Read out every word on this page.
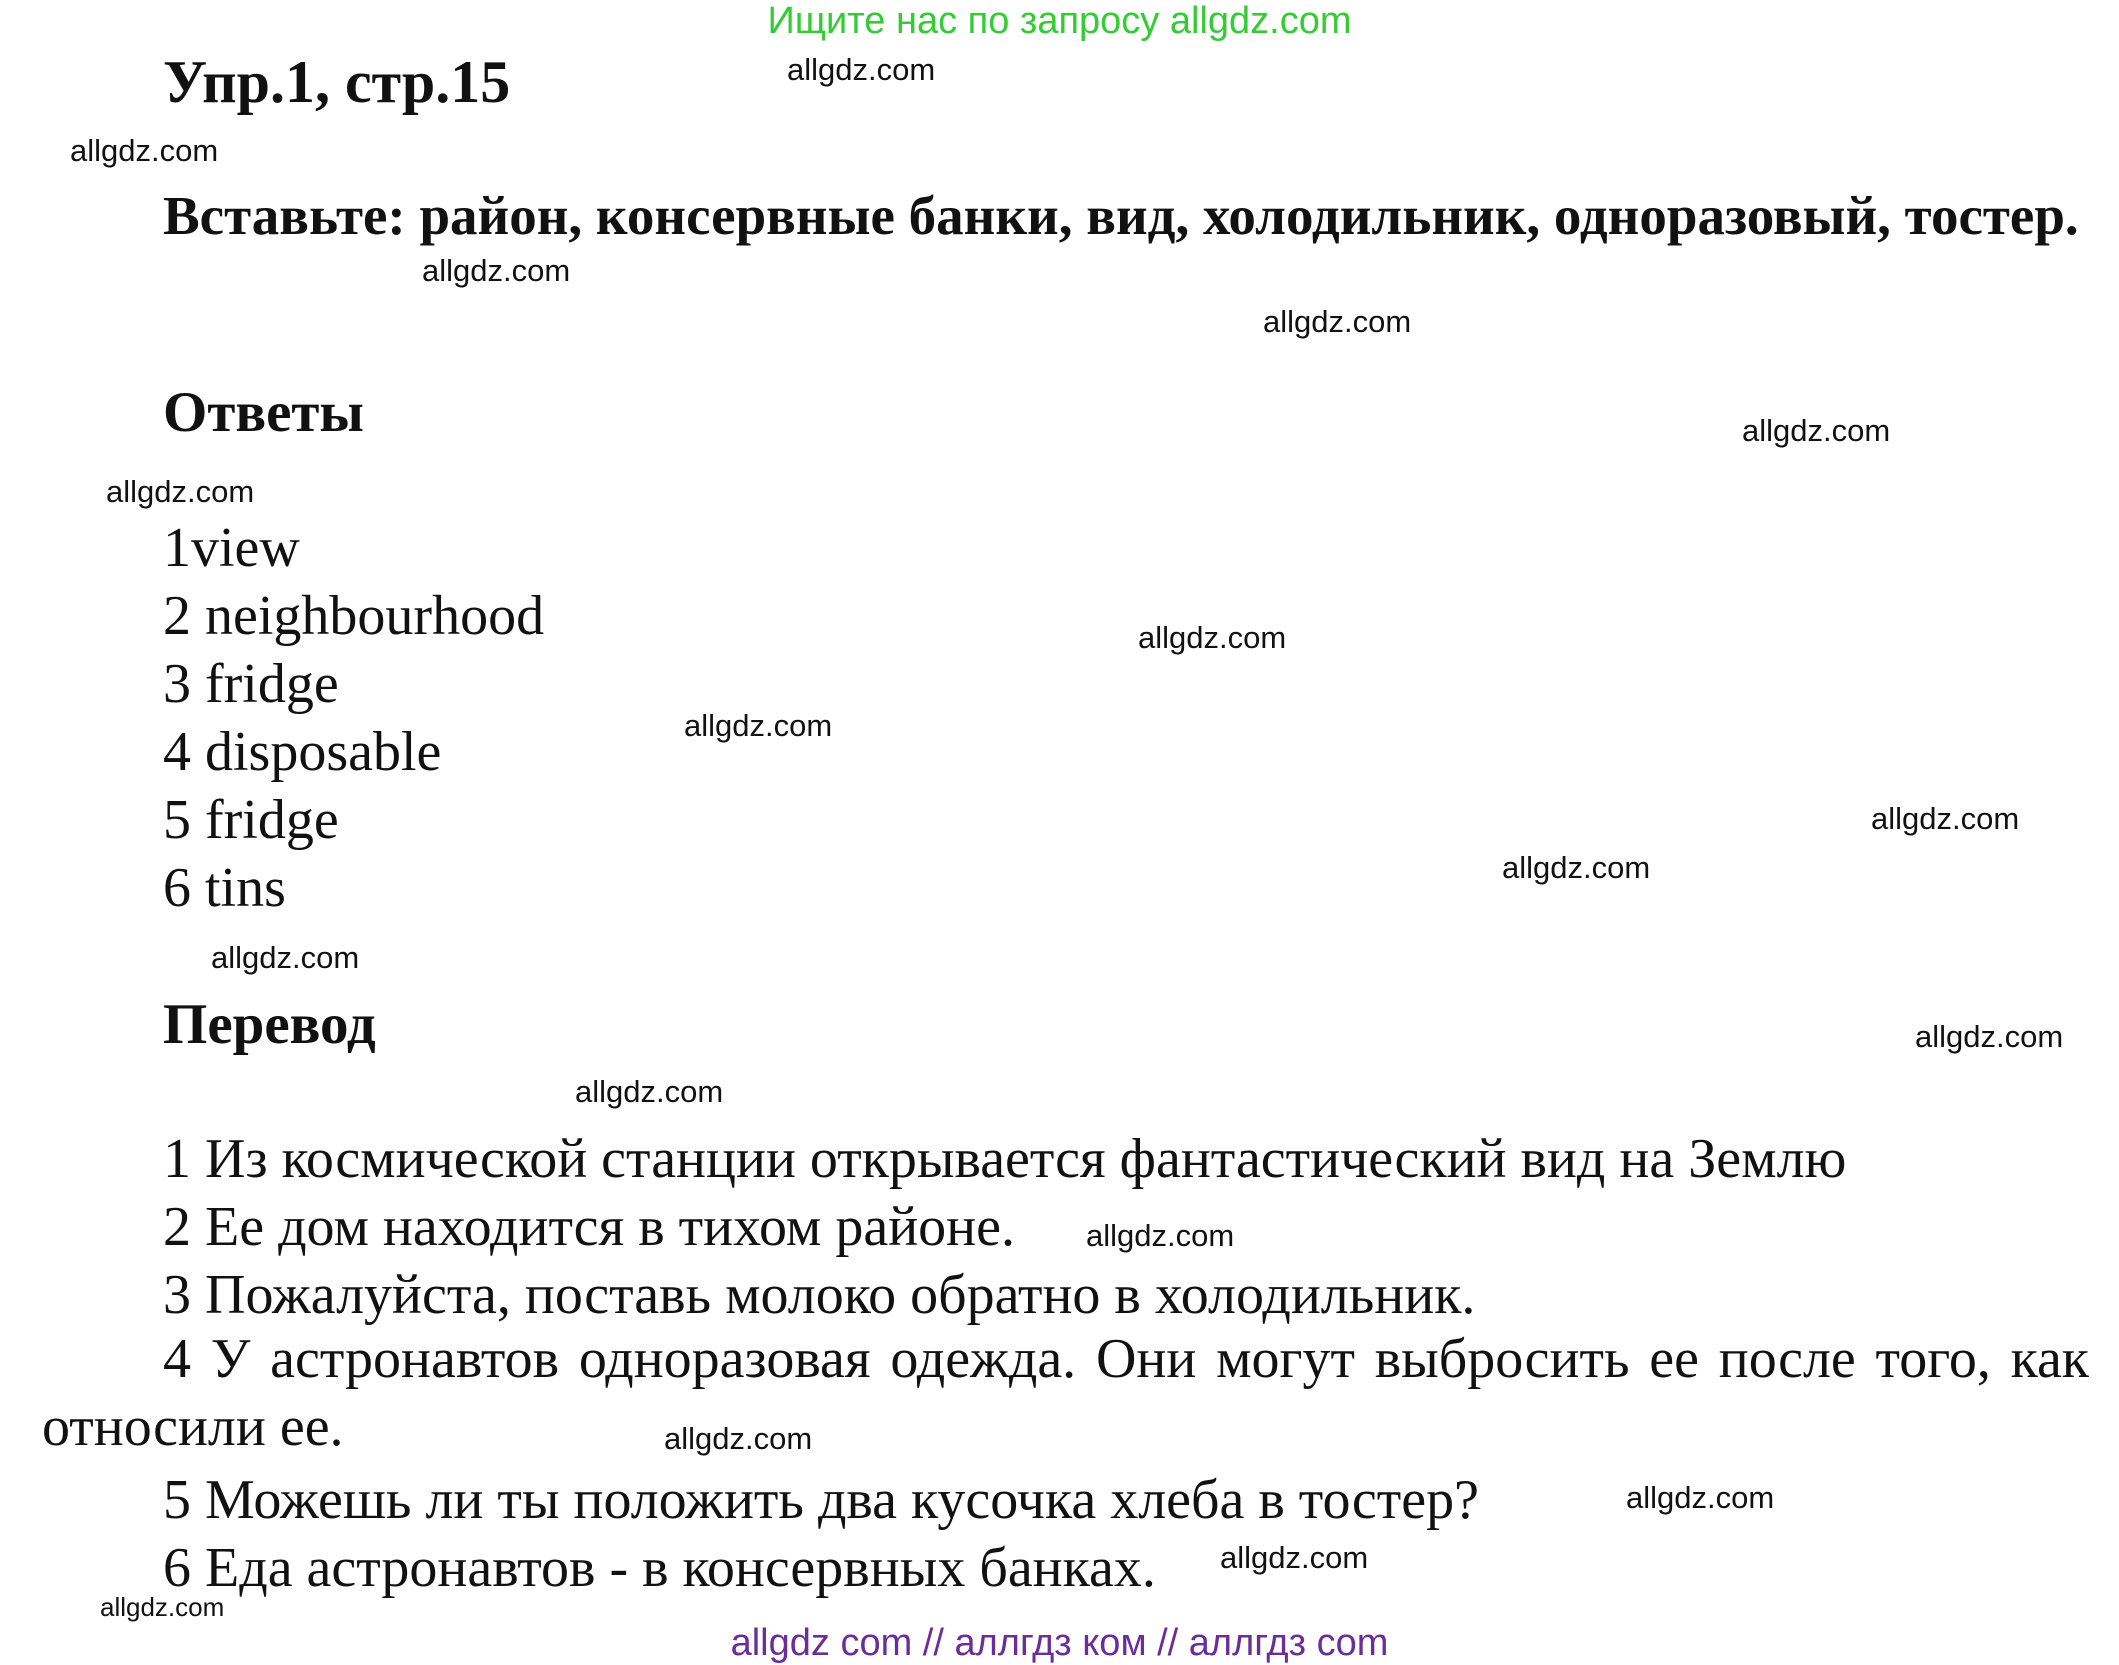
Ищите нас по запросу allgdz.com
Упр.1, стр.15
Вставьте: район, консервные банки, вид, холодильник, одноразовый, тостер.
Ответы
1view
2 neighbourhood
3 fridge
4 disposable
5 fridge
6 tins
Перевод
1 Из космической станции открывается фантастический вид на Землю
2 Ее дом находится в тихом районе.
3 Пожалуйста, поставь молоко обратно в холодильник.
4 У астронавтов одноразовая одежда. Они могут выбросить ее после того, как относили ее.
5 Можешь ли ты положить два кусочка хлеба в тостер?
6 Еда астронавтов - в консервных банках.
allgdz.com
allgdz.com
allgdz.com
allgdz.com
allgdz.com
allgdz.com
allgdz.com
allgdz.com
allgdz.com
allgdz.com
allgdz.com
allgdz.com
allgdz.com
allgdz.com
allgdz.com
allgdz.com
allgdz.com
allgdz.com
allgdz com // аллгдз ком // аллгдз com
